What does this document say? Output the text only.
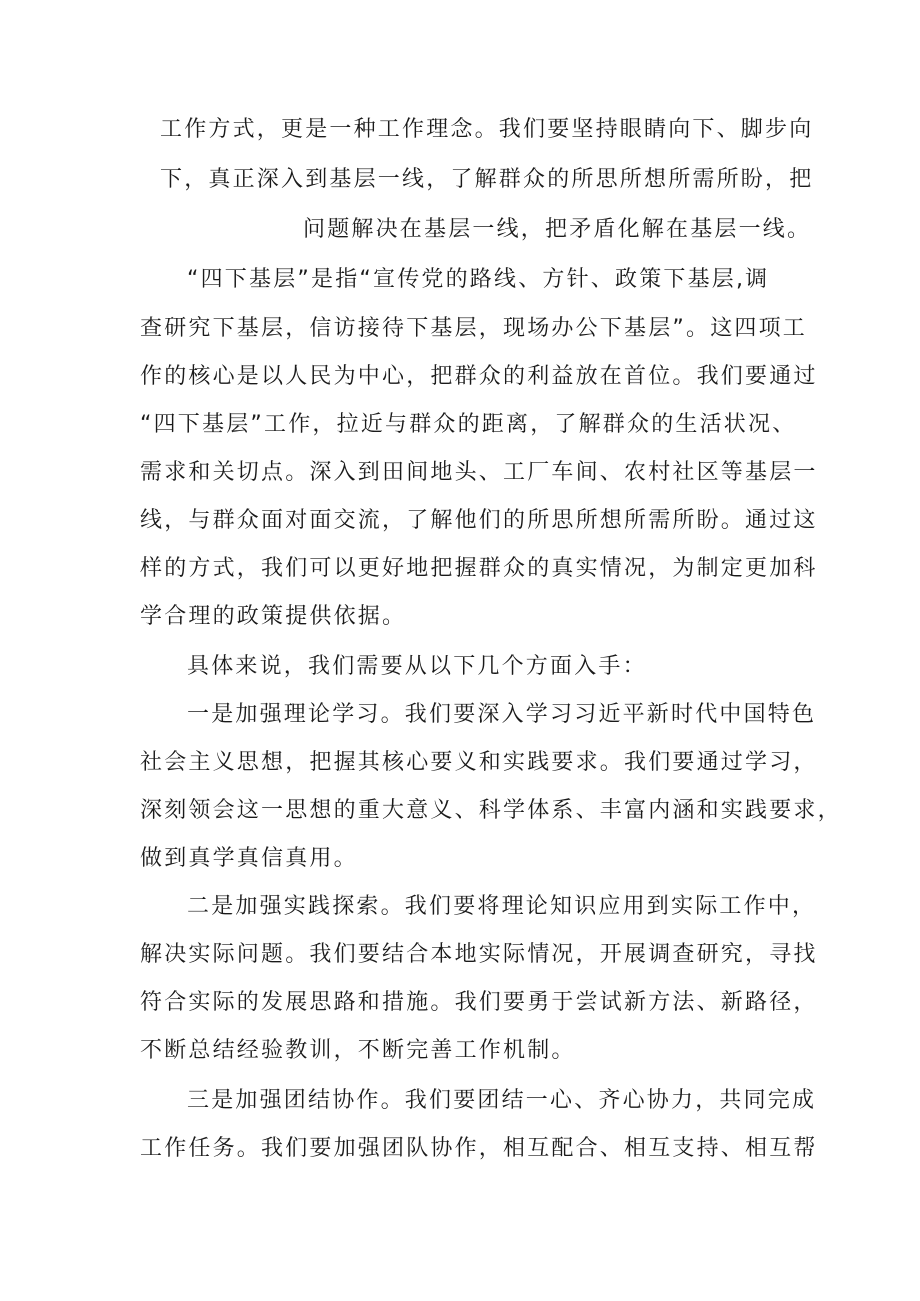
工作方式，更是一种工作理念。我们要坚持眼睛向下、脚步向
下，真正深入到基层一线，了解群众的所思所想所需所盼，把
问题解决在基层一线，把矛盾化解在基层一线。
“四下基层”是指“宣传党的路线、方针、政策下基层,调
查研究下基层，信访接待下基层，现场办公下基层”。这四项工
作的核心是以人民为中心，把群众的利益放在首位。我们要通过
“四下基层”工作，拉近与群众的距离，了解群众的生活状况、
需求和关切点。深入到田间地头、工厂车间、农村社区等基层一
线，与群众面对面交流，了解他们的所思所想所需所盼。通过这
样的方式，我们可以更好地把握群众的真实情况，为制定更加科
学合理的政策提供依据。
具体来说，我们需要从以下几个方面入手：
一是加强理论学习。我们要深入学习习近平新时代中国特色
社会主义思想，把握其核心要义和实践要求。我们要通过学习，
深刻领会这一思想的重大意义、科学体系、丰富内涵和实践要求，
做到真学真信真用。
二是加强实践探索。我们要将理论知识应用到实际工作中，
解决实际问题。我们要结合本地实际情况，开展调查研究，寻找
符合实际的发展思路和措施。我们要勇于尝试新方法、新路径，
不断总结经验教训，不断完善工作机制。
三是加强团结协作。我们要团结一心、齐心协力，共同完成
工作任务。我们要加强团队协作，相互配合、相互支持、相互帮
